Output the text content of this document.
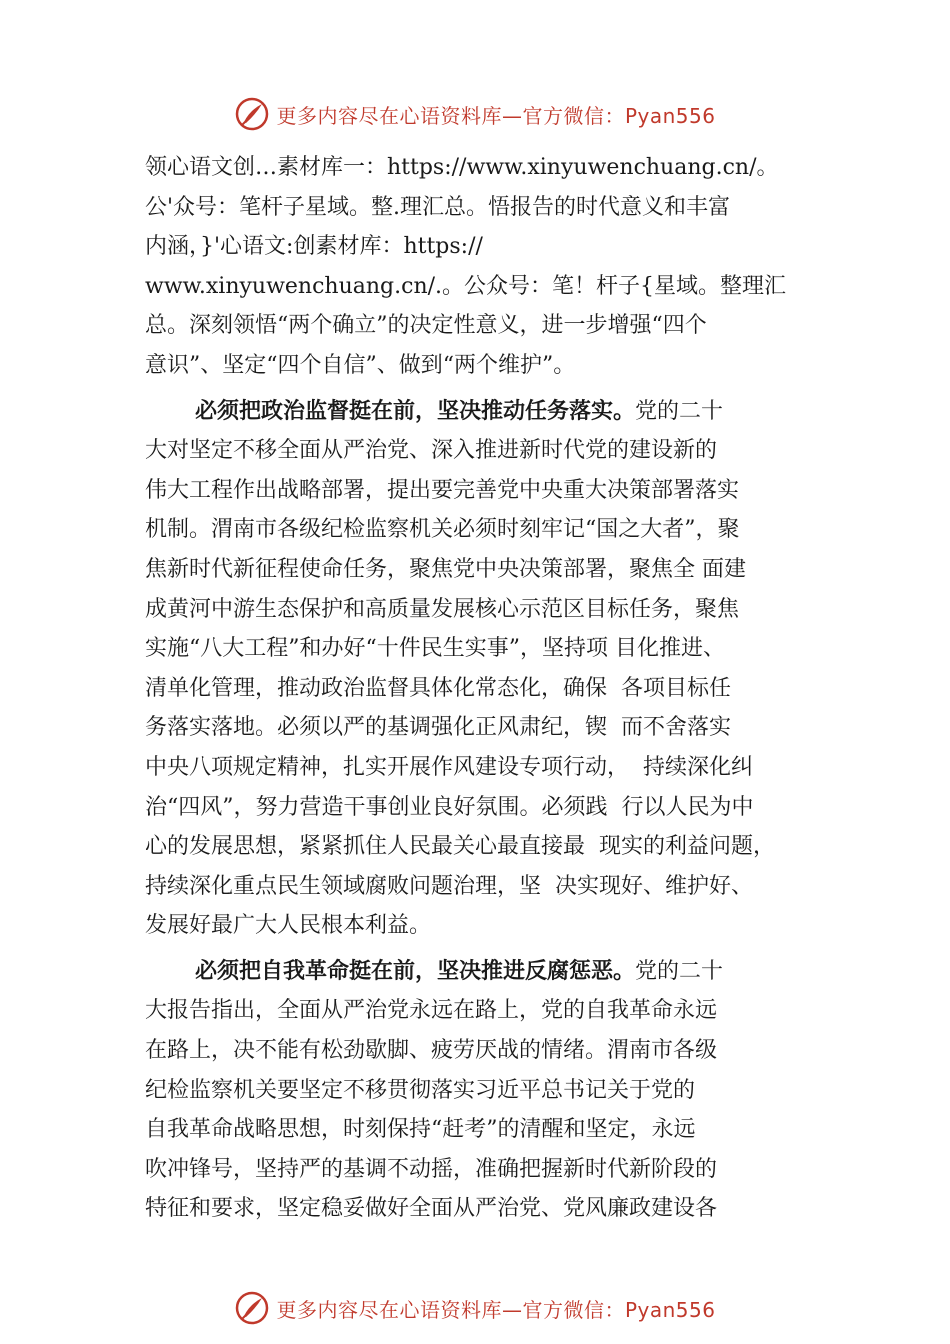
更多内容尽在心语资料库—官方微信：Pyan556
领心语文创…素材库一：https://www.xinyuwenchuang.cn/。
公'众号：笔杆子星域。整.理汇总。悟报告的时代意义和丰富
内涵，}'心语文:创素材库：https://
www.xinyuwenchuang.cn/.。公众号：笔！杆子{星域。整理汇
总。深刻领悟“两个确立”的决定性意义，进一步增强“四个
意识”、坚定“四个自信”、做到“两个维护”。
必须把政治监督挺在前，坚决推动任务落实。党的二十
大对坚定不移全面从严治党、深入推进新时代党的建设新的
伟大工程作出战略部署，提出要完善党中央重大决策部署落实
机制。渭南市各级纪检监察机关必须时刻牢记“国之大者”，聚
焦新时代新征程使命任务，聚焦党中央决策部署，聚焦全 面建
成黄河中游生态保护和高质量发展核心示范区目标任务，聚焦
实施“八大工程”和办好“十件民生实事”，坚持项 目化推进、
清单化管理，推动政治监督具体化常态化，确保  各项目标任
务落实落地。必须以严的基调强化正风肃纪，锲  而不舍落实
中央八项规定精神，扎实开展作风建设专项行动，  持续深化纠
治“四风”，努力营造干事创业良好氛围。必须践  行以人民为中
心的发展思想，紧紧抓住人民最关心最直接最  现实的利益问题，
持续深化重点民生领域腐败问题治理，坚  决实现好、维护好、
发展好最广大人民根本利益。
必须把自我革命挺在前，坚决推进反腐惩恶。党的二十
大报告指出，全面从严治党永远在路上，党的自我革命永远
在路上，决不能有松劲歇脚、疲劳厌战的情绪。渭南市各级
纪检监察机关要坚定不移贯彻落实习近平总书记关于党的
自我革命战略思想，时刻保持“赶考”的清醒和坚定，永远
吹冲锋号，坚持严的基调不动摇，准确把握新时代新阶段的
特征和要求，坚定稳妥做好全面从严治党、党风廉政建设各
更多内容尽在心语资料库—官方微信：Pyan556
